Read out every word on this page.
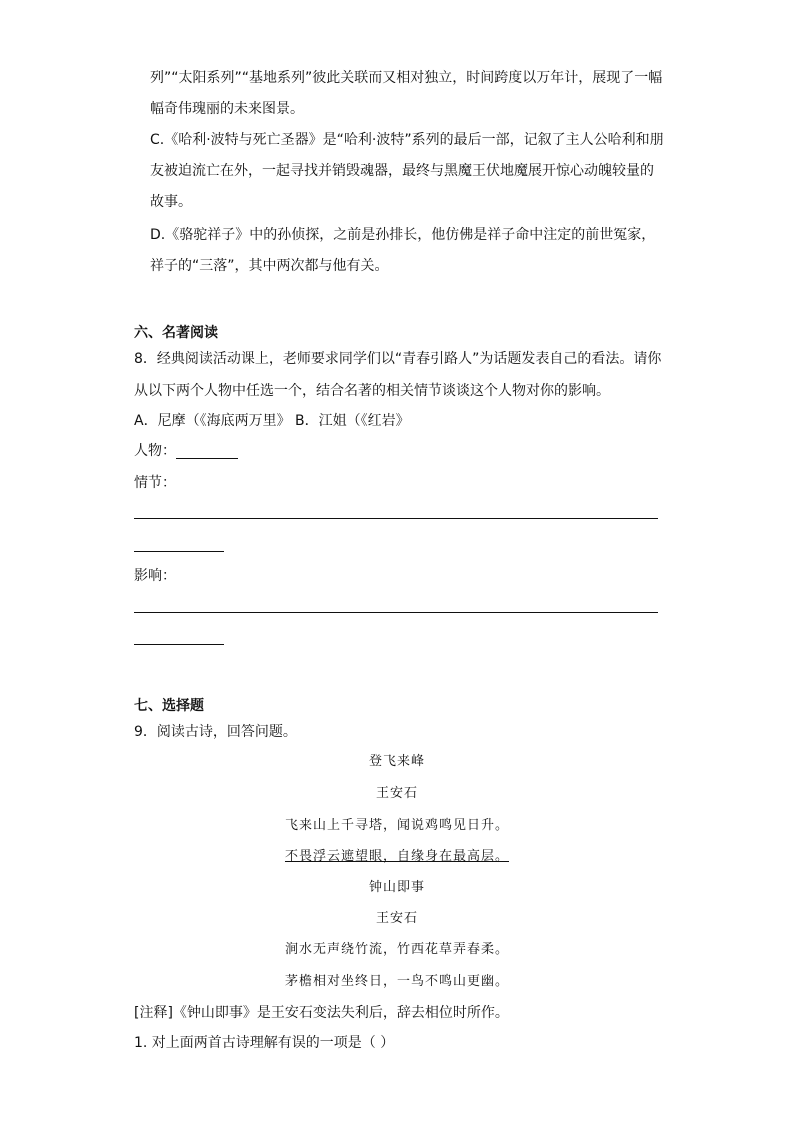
列”“太阳系列”“基地系列”彼此关联而又相对独立，时间跨度以万年计，展现了一幅
幅奇伟瑰丽的未来图景。
C.《哈利·波特与死亡圣器》是“哈利·波特”系列的最后一部，记叙了主人公哈利和朋
友被迫流亡在外，一起寻找并销毁魂器，最终与黑魔王伏地魔展开惊心动魄较量的
故事。
D.《骆驼祥子》中的孙侦探，之前是孙排长，他仿佛是祥子命中注定的前世冤家，
祥子的“三落”，其中两次都与他有关。
六、名著阅读
8．经典阅读活动课上，老师要求同学们以“青春引路人”为话题发表自己的看法。请你
从以下两个人物中任选一个，结合名著的相关情节谈谈这个人物对你的影响。
A．尼摩（《海底两万里》 B．江姐（《红岩》
人物：
情节：
影响：
七、选择题
9．阅读古诗，回答问题。
登飞来峰
王安石
飞来山上千寻塔，闻说鸡鸣见日升。
不畏浮云遮望眼，自缘身在最高层。
钟山即事
王安石
涧水无声绕竹流，竹西花草弄春柔。
茅檐相对坐终日，一鸟不鸣山更幽。
[注释]《钟山即事》是王安石变法失利后，辞去相位时所作。
1. 对上面两首古诗理解有误的一项是（ ）
